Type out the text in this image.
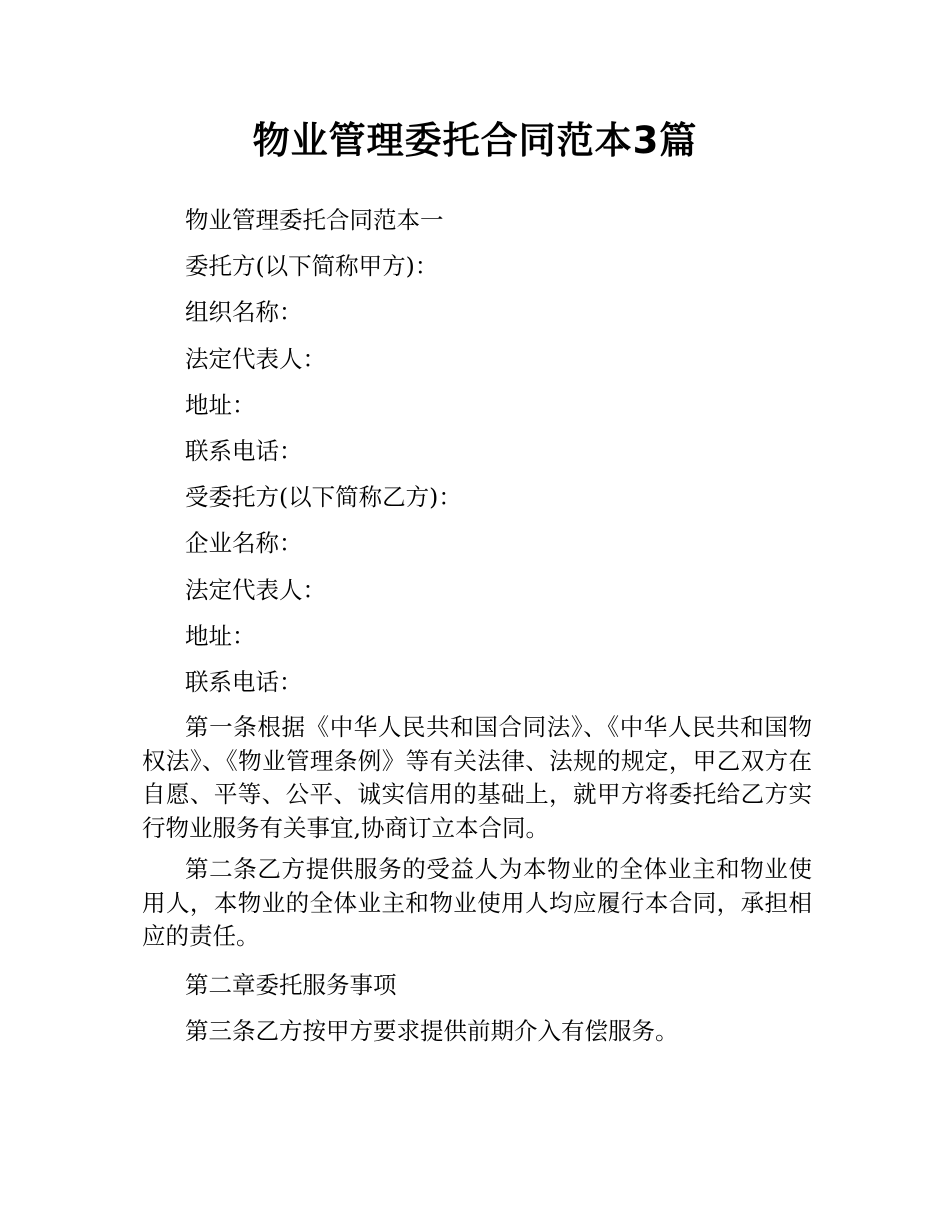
物业管理委托合同范本3篇

物业管理委托合同范本一

委托方(以下简称甲方)：

组织名称：

法定代表人：

地址：

联系电话：

受委托方(以下简称乙方)：

企业名称：

法定代表人：

地址：

联系电话：

第一条根据《中华人民共和国合同法》、《中华人民共和国物权法》、《物业管理条例》等有关法律、法规的规定，甲乙双方在自愿、平等、公平、诚实信用的基础上，就甲方将委托给乙方实行物业服务有关事宜,协商订立本合同。

第二条乙方提供服务的受益人为本物业的全体业主和物业使用人，本物业的全体业主和物业使用人均应履行本合同，承担相应的责任。

第二章委托服务事项

第三条乙方按甲方要求提供前期介入有偿服务。
